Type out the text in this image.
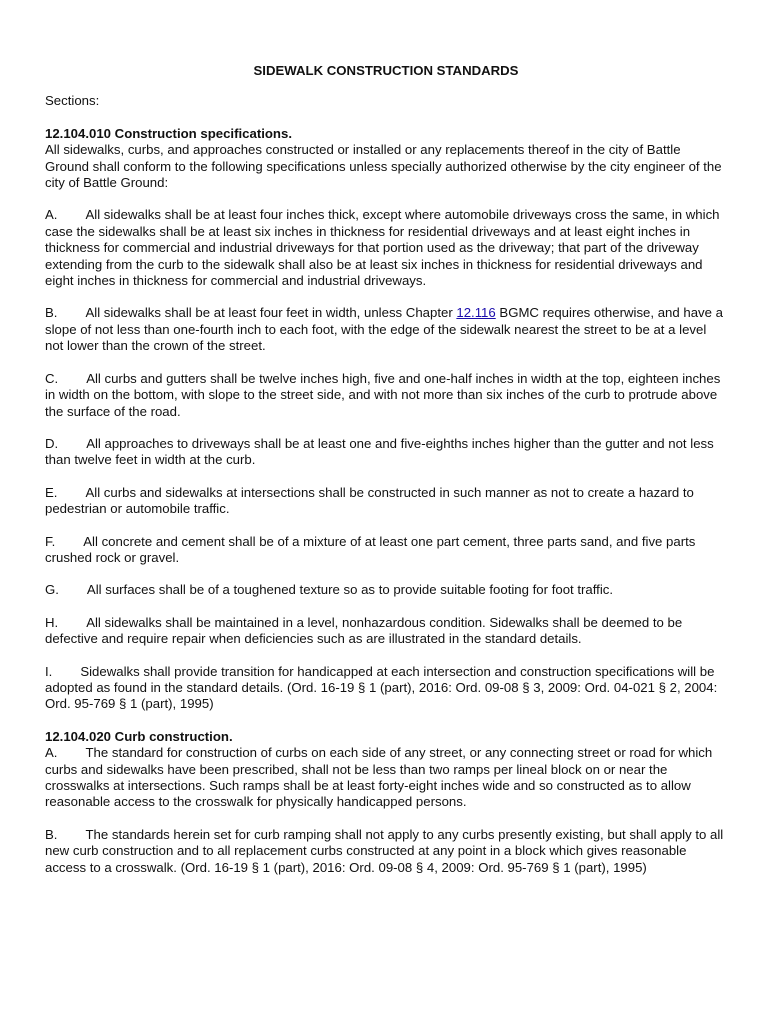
SIDEWALK CONSTRUCTION STANDARDS
Sections:
12.104.010 Construction specifications.

All sidewalks, curbs, and approaches constructed or installed or any replacements thereof in the city of Battle Ground shall conform to the following specifications unless specially authorized otherwise by the city engineer of the city of Battle Ground:

A. All sidewalks shall be at least four inches thick, except where automobile driveways cross the same, in which case the sidewalks shall be at least six inches in thickness for residential driveways and at least eight inches in thickness for commercial and industrial driveways for that portion used as the driveway; that part of the driveway extending from the curb to the sidewalk shall also be at least six inches in thickness for residential driveways and eight inches in thickness for commercial and industrial driveways.

B. All sidewalks shall be at least four feet in width, unless Chapter 12.116 BGMC requires otherwise, and have a slope of not less than one-fourth inch to each foot, with the edge of the sidewalk nearest the street to be at a level not lower than the crown of the street.

C. All curbs and gutters shall be twelve inches high, five and one-half inches in width at the top, eighteen inches in width on the bottom, with slope to the street side, and with not more than six inches of the curb to protrude above the surface of the road.

D. All approaches to driveways shall be at least one and five-eighths inches higher than the gutter and not less than twelve feet in width at the curb.

E. All curbs and sidewalks at intersections shall be constructed in such manner as not to create a hazard to pedestrian or automobile traffic.

F. All concrete and cement shall be of a mixture of at least one part cement, three parts sand, and five parts crushed rock or gravel.

G. All surfaces shall be of a toughened texture so as to provide suitable footing for foot traffic.

H. All sidewalks shall be maintained in a level, nonhazardous condition. Sidewalks shall be deemed to be defective and require repair when deficiencies such as are illustrated in the standard details.

I. Sidewalks shall provide transition for handicapped at each intersection and construction specifications will be adopted as found in the standard details. (Ord. 16-19 § 1 (part), 2016: Ord. 09-08 § 3, 2009: Ord. 04-021 § 2, 2004: Ord. 95-769 § 1 (part), 1995)

12.104.020 Curb construction.

A. The standard for construction of curbs on each side of any street, or any connecting street or road for which curbs and sidewalks have been prescribed, shall not be less than two ramps per lineal block on or near the crosswalks at intersections. Such ramps shall be at least forty-eight inches wide and so constructed as to allow reasonable access to the crosswalk for physically handicapped persons.

B. The standards herein set for curb ramping shall not apply to any curbs presently existing, but shall apply to all new curb construction and to all replacement curbs constructed at any point in a block which gives reasonable access to a crosswalk. (Ord. 16-19 § 1 (part), 2016: Ord. 09-08 § 4, 2009: Ord. 95-769 § 1 (part), 1995)
